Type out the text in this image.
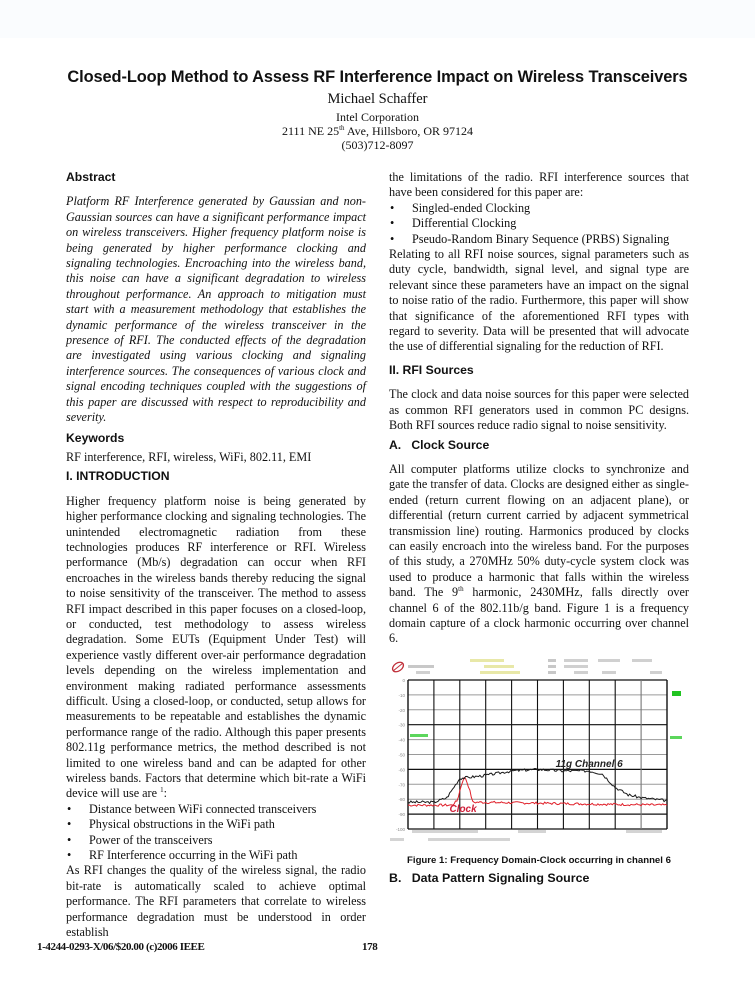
Closed-Loop Method to Assess RF Interference Impact on Wireless Transceivers
Michael Schaffer
Intel Corporation
2111 NE 25th Ave, Hillsboro, OR 97124
(503)712-8097
Abstract

Platform RF Interference generated by Gaussian and non-Gaussian sources can have a significant performance impact on wireless transceivers. Higher frequency platform noise is being generated by higher performance clocking and signaling technologies. Encroaching into the wireless band, this noise can have a significant degradation to wireless throughout performance. An approach to mitigation must start with a measurement methodology that establishes the dynamic performance of the wireless transceiver in the presence of RFI. The conducted effects of the degradation are investigated using various clocking and signaling interference sources. The consequences of various clock and signal encoding techniques coupled with the suggestions of this paper are discussed with respect to reproducibility and severity.

Keywords

RF interference, RFI, wireless, WiFi, 802.11, EMI

I. INTRODUCTION

Higher frequency platform noise is being generated by higher performance clocking and signaling technologies. The unintended electromagnetic radiation from these technologies produces RF interference or RFI. Wireless performance (Mb/s) degradation can occur when RFI encroaches in the wireless bands thereby reducing the signal to noise sensitivity of the transceiver. The method to assess RFI impact described in this paper focuses on a closed-loop, or conducted, test methodology to assess wireless degradation. Some EUTs (Equipment Under Test) will experience vastly different over-air performance degradation levels depending on the wireless implementation and environment making radiated performance assessments difficult. Using a closed-loop, or conducted, setup allows for measurements to be repeatable and establishes the dynamic performance range of the radio. Although this paper presents 802.11g performance metrics, the method described is not limited to one wireless band and can be adapted for other wireless bands. Factors that determine which bit-rate a WiFi device will use are $^1$:

• Distance between WiFi connected transceivers
• Physical obstructions in the WiFi path
• Power of the transceivers
• RF Interference occurring in the WiFi path

As RFI changes the quality of the wireless signal, the radio bit-rate is automatically scaled to achieve optimal performance. The RFI parameters that correlate to wireless performance degradation must be understood in order establish

the limitations of the radio. RFI interference sources that have been considered for this paper are:

• Singled-ended Clocking
• Differential Clocking
• Pseudo-Random Binary Sequence (PRBS) Signaling

Relating to all RFI noise sources, signal parameters such as duty cycle, bandwidth, signal level, and signal type are relevant since these parameters have an impact on the signal to noise ratio of the radio. Furthermore, this paper will show that significance of the aforementioned RFI types with regard to severity. Data will be presented that will advocate the use of differential signaling for the reduction of RFI.

II. RFI Sources

The clock and data noise sources for this paper were selected as common RFI generators used in common PC designs. Both RFI sources reduce radio signal to noise sensitivity.

A.   Clock Source

All computer platforms utilize clocks to synchronize and gate the transfer of data. Clocks are designed either as single-ended (return current flowing on an adjacent plane), or differential (return current carried by adjacent symmetrical transmission line) routing. Harmonics produced by clocks can easily encroach into the wireless band. For the purposes of this study, a 270MHz 50% duty-cycle system clock was used to produce a harmonic that falls within the wireless band. The 9th harmonic, 2430MHz, falls directly over channel 6 of the 802.11b/g band. Figure 1 is a frequency domain capture of a clock harmonic occurring over channel 6.

0
-10
-20
-30
-40
-50
-60
-70
-80
-90
-100
11g Channel 6
Clock
Figure 1: Frequency Domain-Clock occurring in channel 6
B.   Data Pattern Signaling Source
1-4244-0293-X/06/$20.00 (c)2006 IEEE	178
